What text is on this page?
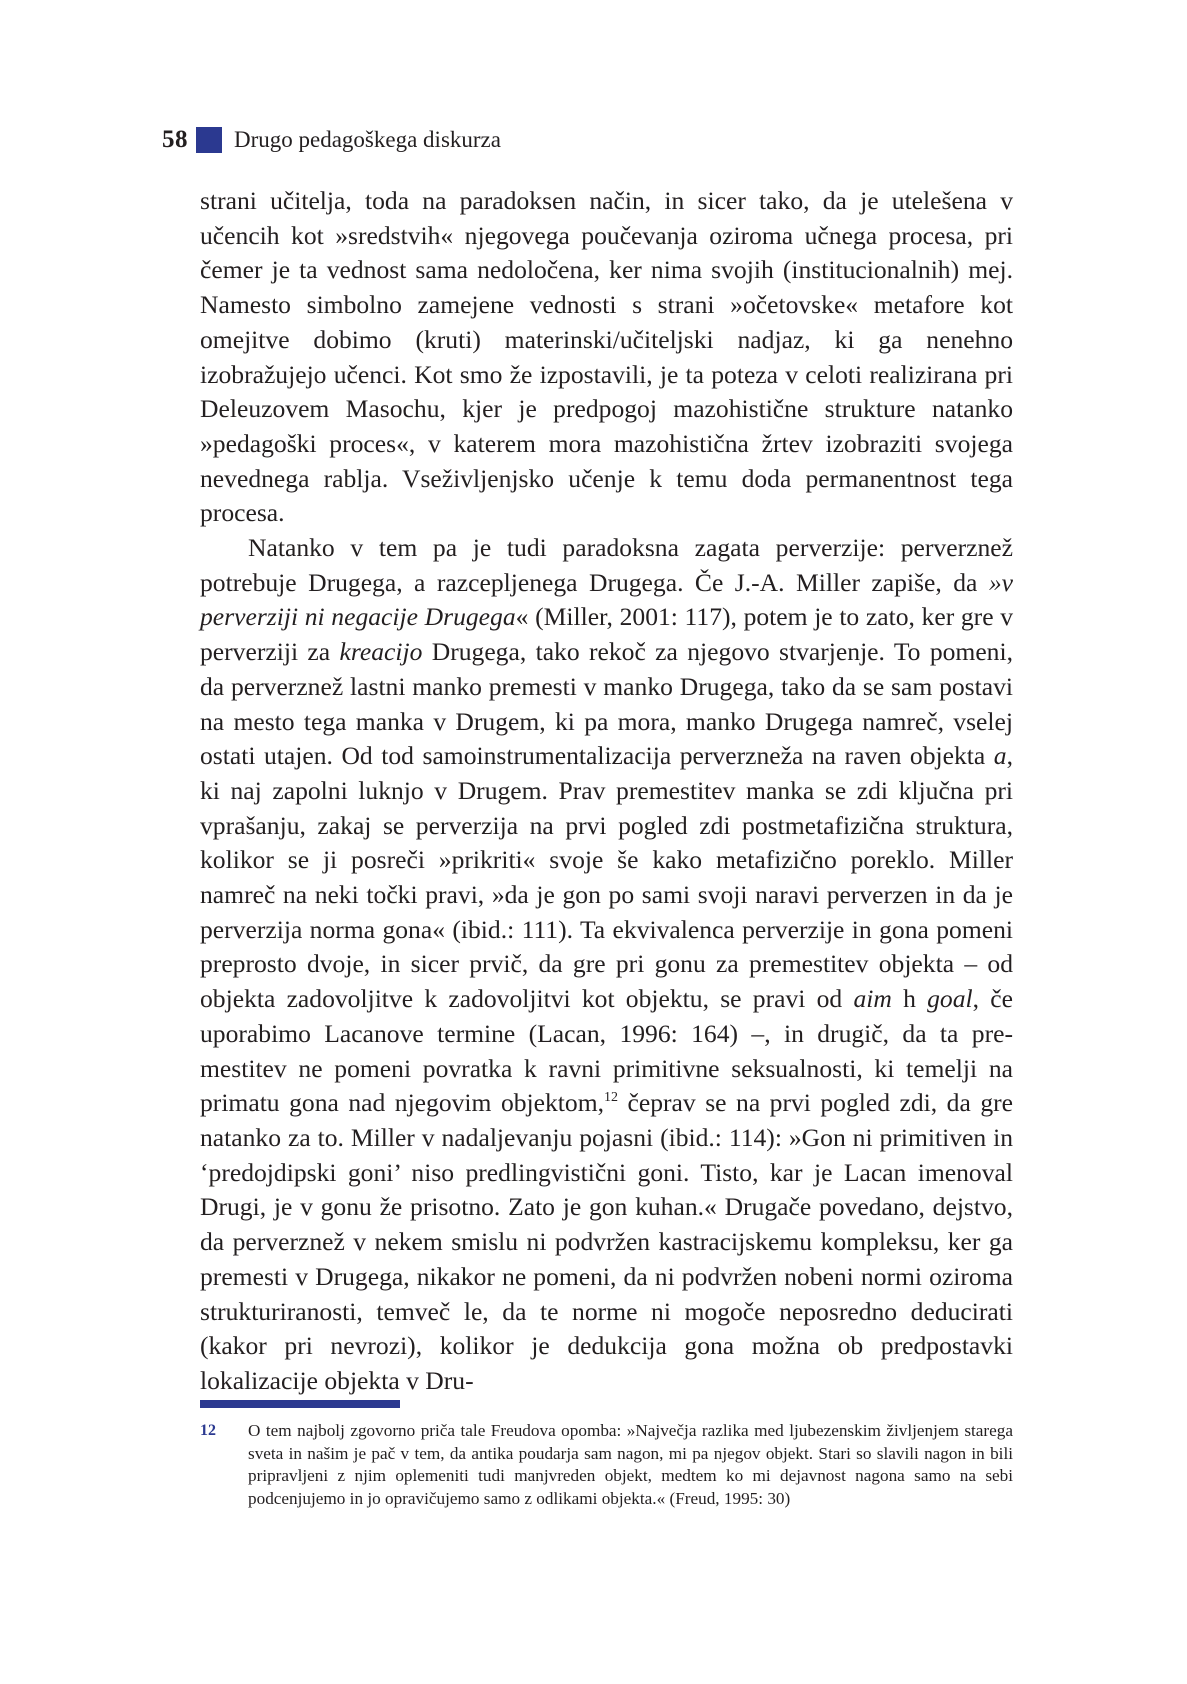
58 Drugo pedagoškega diskurza

strani učitelja, toda na paradoksen način, in sicer tako, da je utelešena v učencih kot »sredstvih« njegovega poučevanja oziroma učnega procesa, pri čemer je ta vednost sama nedoločena, ker nima svojih (institucionalnih) mej. Namesto simbolno zamejene vednosti s strani »očetovske« metafore kot omejitve dobimo (kruti) materinski/učiteljski nadjaz, ki ga nenehno izobražujejo učenci. Kot smo že izpostavili, je ta poteza v celoti realizirana pri Deleuzovem Masochu, kjer je predpogoj mazohistične strukture natanko »pedagoški proces«, v katerem mora mazohistična žrtev izobraziti svojega nevednega rablja. Vseživljenjsko učenje k temu doda permanentnost tega procesa.

Natanko v tem pa je tudi paradoksna zagata perverzije: perverznež potrebuje Drugega, a razcepljenega Drugega. Če J.-A. Miller zapiše, da »v perverziji ni negacije Drugega« (Miller, 2001: 117), potem je to zato, ker gre v perverziji za kreacijo Drugega, tako rekoč za njegovo stvarjenje. To pomeni, da perverznež lastni manko premesti v manko Drugega, tako da se sam postavi na mesto tega manka v Drugem, ki pa mora, manko Drugega namreč, vselej ostati utajen. Od tod samoinstrumentalizacija perverzneža na raven objekta a, ki naj zapolni luknjo v Drugem. Prav premestitev manka se zdi ključna pri vprašanju, zakaj se perverzija na prvi pogled zdi postmetafizična struktura, kolikor se ji posreči »prikriti« svoje še kako metafizično poreklo. Miller namreč na neki točki pravi, »da je gon po sami svoji naravi perverzen in da je perverzija norma gona« (ibid.: 111). Ta ekvivalenca perverzije in gona pomeni preprosto dvoje, in sicer prvič, da gre pri gonu za premestitev objekta – od objekta zadovoljitve k zadovoljitvi kot objektu, se pravi od aim h goal, če uporabimo Lacanove termine (Lacan, 1996: 164) –, in drugič, da ta premestitev ne pomeni povratka k ravni primitivne seksualnosti, ki temelji na primatu gona nad njegovim objektom,$^{12}$ čeprav se na prvi pogled zdi, da gre natanko za to. Miller v nadaljevanju pojasni (ibid.: 114): »Gon ni primitiven in ‘predojdipski goni’ niso predlingvistični goni. Tisto, kar je Lacan imenoval Drugi, je v gonu že prisotno. Zato je gon kuhan.« Drugače povedano, dejstvo, da perverznež v nekem smislu ni podvržen kastracijskemu kompleksu, ker ga premesti v Drugega, nikakor ne pomeni, da ni podvržen nobeni normi oziroma strukturiranosti, temveč le, da te norme ni mogoče neposredno deducirati (kakor pri nevrozi), kolikor je dedukcija gona možna ob predpostavki lokalizacije objekta v Dru-

12	O tem najbolj zgovorno priča tale Freudova opomba: »Največja razlika med ljubezenskim življenjem starega sveta in našim je pač v tem, da antika poudarja sam nagon, mi pa njegov objekt. Stari so slavili nagon in bili pripravljeni z njim oplemeniti tudi manjvreden objekt, medtem ko mi dejavnost nagona samo na sebi podcenjujemo in jo opravičujemo samo z odlikami objekta.« (Freud, 1995: 30)
